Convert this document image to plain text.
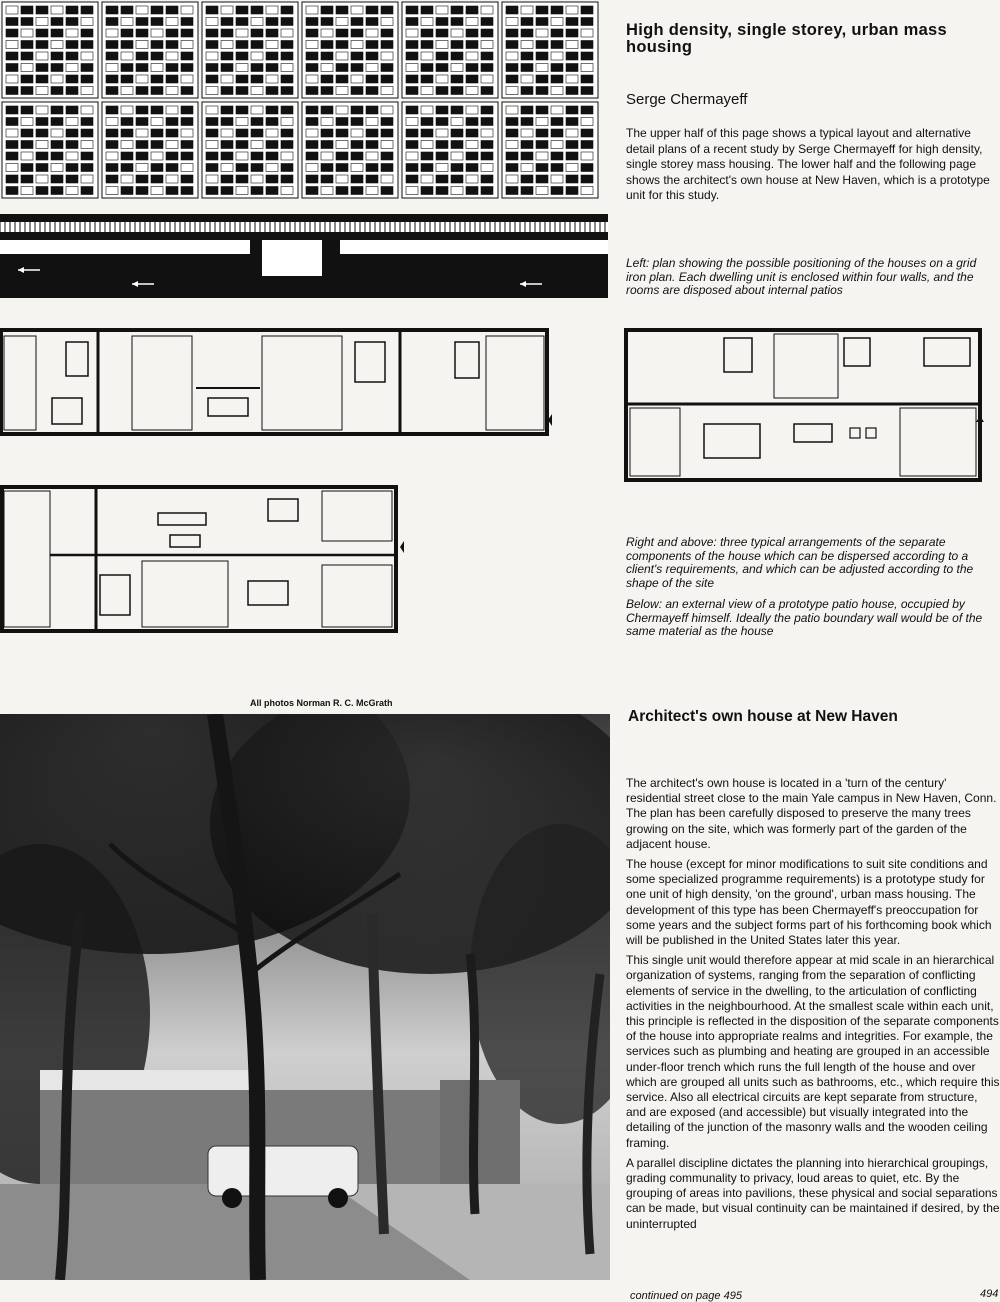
High density, single storey, urban mass housing
Serge Chermayeff
The upper half of this page shows a typical layout and alternative detail plans of a recent study by Serge Chermayeff for high density, single storey mass housing. The lower half and the following page shows the architect's own house at New Haven, which is a prototype unit for this study.
Left: plan showing the possible positioning of the houses on a grid iron plan. Each dwelling unit is enclosed within four walls, and the rooms are disposed about internal patios
Right and above: three typical arrangements of the separate components of the house which can be dispersed according to a client's requirements, and which can be adjusted according to the shape of the site
Below: an external view of a prototype patio house, occupied by Chermayeff himself. Ideally the patio boundary wall would be of the same material as the house
All photos Norman R. C. McGrath
Architect's own house at New Haven

The architect's own house is located in a 'turn of the century' residential street close to the main Yale campus in New Haven, Conn. The plan has been carefully disposed to preserve the many trees growing on the site, which was formerly part of the garden of the adjacent house.

The house (except for minor modifications to suit site conditions and some specialized programme requirements) is a prototype study for one unit of high density, 'on the ground', urban mass housing. The development of this type has been Chermayeff's preoccupation for some years and the subject forms part of his forthcoming book which will be published in the United States later this year.

This single unit would therefore appear at mid scale in an hierarchical organization of systems, ranging from the separation of conflicting elements of service in the dwelling, to the articulation of conflicting activities in the neighbourhood. At the smallest scale within each unit, this principle is reflected in the disposition of the separate components of the house into appropriate realms and integrities. For example, the services such as plumbing and heating are grouped in an accessible under-floor trench which runs the full length of the house and over which are grouped all units such as bathrooms, etc., which require this service. Also all electrical circuits are kept separate from structure, and are exposed (and accessible) but visually integrated into the detailing of the junction of the masonry walls and the wooden ceiling framing.

A parallel discipline dictates the planning into hierarchical groupings, grading communality to privacy, loud areas to quiet, etc. By the grouping of areas into pavilions, these physical and social separations can be made, but visual continuity can be maintained if desired, by the uninterrupted

continued on page 495	494
